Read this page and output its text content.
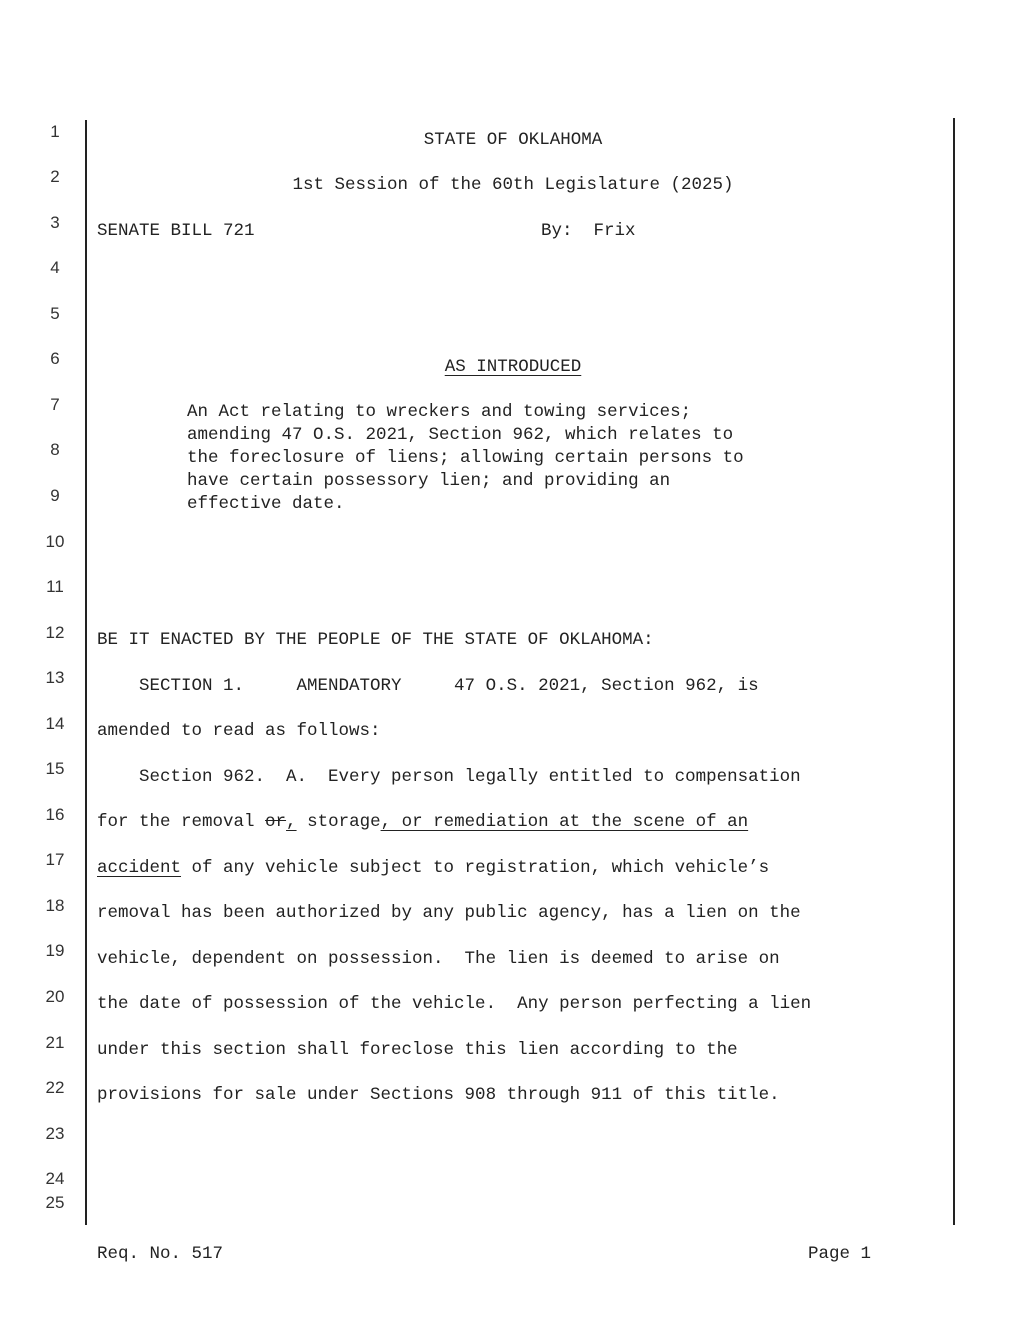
1
2
3
4
5
6
7
8
9
10
11
12
13
14
15
16
17
18
19
20
21
22
23
24
25
STATE OF OKLAHOMA
1st Session of the 60th Legislature (2025)
SENATE BILL 721	By:  Frix
AS INTRODUCED
An Act relating to wreckers and towing services;
amending 47 O.S. 2021, Section 962, which relates to
the foreclosure of liens; allowing certain persons to
have certain possessory lien; and providing an
effective date.
BE IT ENACTED BY THE PEOPLE OF THE STATE OF OKLAHOMA:
SECTION 1.     AMENDATORY     47 O.S. 2021, Section 962, is
amended to read as follows:
Section 962.  A.  Every person legally entitled to compensation
for the removal or, storage, or remediation at the scene of an
accident of any vehicle subject to registration, which vehicle’s
removal has been authorized by any public agency, has a lien on the
vehicle, dependent on possession.  The lien is deemed to arise on
the date of possession of the vehicle.  Any person perfecting a lien
under this section shall foreclose this lien according to the
provisions for sale under Sections 908 through 911 of this title.
Req. No. 517	Page 1
